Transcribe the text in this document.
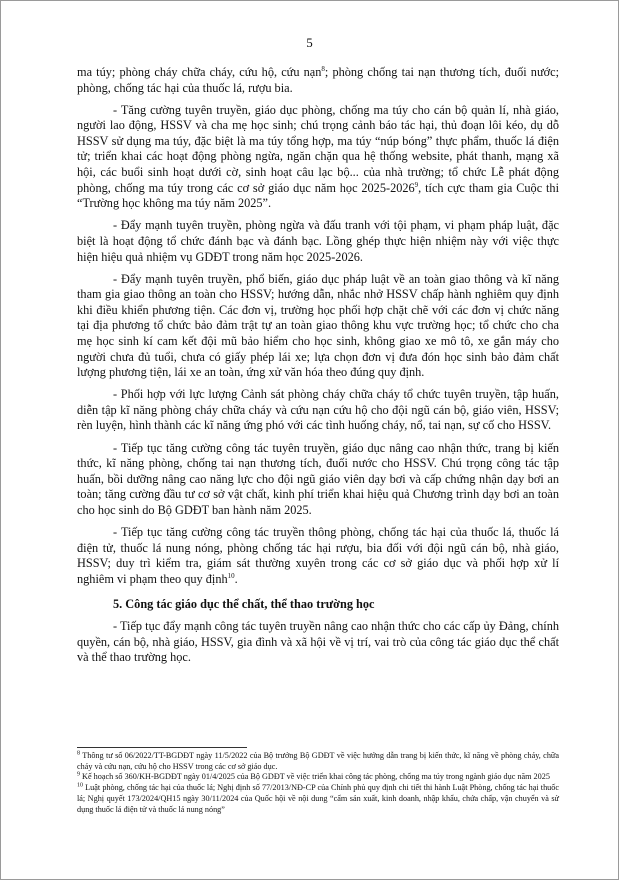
5

ma túy; phòng cháy chữa cháy, cứu hộ, cứu nạn$^8$; phòng chống tai nạn thương tích, đuối nước; phòng, chống tác hại của thuốc lá, rượu bia.

- Tăng cường tuyên truyền, giáo dục phòng, chống ma túy cho cán bộ quản lí, nhà giáo, người lao động, HSSV và cha mẹ học sinh; chú trọng cảnh báo tác hại, thủ đoạn lôi kéo, dụ dỗ HSSV sử dụng ma túy, đặc biệt là ma túy tổng hợp, ma túy “núp bóng” thực phẩm, thuốc lá điện tử; triển khai các hoạt động phòng ngừa, ngăn chặn qua hệ thống website, phát thanh, mạng xã hội, các buổi sinh hoạt dưới cờ, sinh hoạt câu lạc bộ... của nhà trường; tổ chức Lễ phát động phòng, chống ma túy trong các cơ sở giáo dục năm học 2025-2026$^9$, tích cực tham gia Cuộc thi “Trường học không ma túy năm 2025”.

- Đẩy mạnh tuyên truyền, phòng ngừa và đấu tranh với tội phạm, vi phạm pháp luật, đặc biệt là hoạt động tổ chức đánh bạc và đánh bạc. Lồng ghép thực hiện nhiệm này với việc thực hiện hiệu quả nhiệm vụ GDĐT trong năm học 2025-2026.

- Đẩy mạnh tuyên truyền, phổ biến, giáo dục pháp luật về an toàn giao thông và kĩ năng tham gia giao thông an toàn cho HSSV; hướng dẫn, nhắc nhở HSSV chấp hành nghiêm quy định khi điều khiển phương tiện. Các đơn vị, trường học phối hợp chặt chẽ với các đơn vị chức năng tại địa phương tổ chức bảo đảm trật tự an toàn giao thông khu vực trường học; tổ chức cho cha mẹ học sinh kí cam kết đội mũ bảo hiểm cho học sinh, không giao xe mô tô, xe gắn máy cho người chưa đủ tuổi, chưa có giấy phép lái xe; lựa chọn đơn vị đưa đón học sinh bảo đảm chất lượng phương tiện, lái xe an toàn, ứng xử văn hóa theo đúng quy định.

- Phối hợp với lực lượng Cảnh sát phòng cháy chữa cháy tổ chức tuyên truyền, tập huấn, diễn tập kĩ năng phòng cháy chữa cháy và cứu nạn cứu hộ cho đội ngũ cán bộ, giáo viên, HSSV; rèn luyện, hình thành các kĩ năng ứng phó với các tình huống cháy, nổ, tai nạn, sự cố cho HSSV.

- Tiếp tục tăng cường công tác tuyên truyền, giáo dục nâng cao nhận thức, trang bị kiến thức, kĩ năng phòng, chống tai nạn thương tích, đuối nước cho HSSV. Chú trọng công tác tập huấn, bồi dưỡng nâng cao năng lực cho đội ngũ giáo viên dạy bơi và cấp chứng nhận dạy bơi an toàn; tăng cường đầu tư cơ sở vật chất, kinh phí triển khai hiệu quả Chương trình dạy bơi an toàn cho học sinh do Bộ GDĐT ban hành năm 2025.

- Tiếp tục tăng cường công tác truyền thông phòng, chống tác hại của thuốc lá, thuốc lá điện tử, thuốc lá nung nóng, phòng chống tác hại rượu, bia đối với đội ngũ cán bộ, nhà giáo, HSSV; duy trì kiểm tra, giám sát thường xuyên trong các cơ sở giáo dục và phối hợp xử lí nghiêm vi phạm theo quy định$^{10}$.

5. Công tác giáo dục thể chất, thể thao trường học

- Tiếp tục đẩy mạnh công tác tuyên truyền nâng cao nhận thức cho các cấp ủy Đảng, chính quyền, cán bộ, nhà giáo, HSSV, gia đình và xã hội về vị trí, vai trò của công tác giáo dục thể chất và thể thao trường học.

$^8$ Thông tư số 06/2022/TT-BGDĐT ngày 11/5/2022 của Bộ trưởng Bộ GDĐT về việc hướng dẫn trang bị kiến thức, kĩ năng về phòng cháy, chữa cháy và cứu nạn, cứu hộ cho HSSV trong các cơ sở giáo dục.

$^9$ Kế hoạch số 360/KH-BGDĐT ngày 01/4/2025 của Bộ GDĐT về việc triển khai công tác phòng, chống ma túy trong ngành giáo dục năm 2025

$^{10}$ Luật phòng, chống tác hại của thuốc lá; Nghị định số 77/2013/NĐ-CP của Chính phủ quy định chi tiết thi hành Luật Phòng, chống tác hại thuốc lá; Nghị quyết 173/2024/QH15 ngày 30/11/2024 của Quốc hội về nội dung “cấm sản xuất, kinh doanh, nhập khẩu, chứa chấp, vận chuyển và sử dụng thuốc lá điện tử và thuốc lá nung nóng”
